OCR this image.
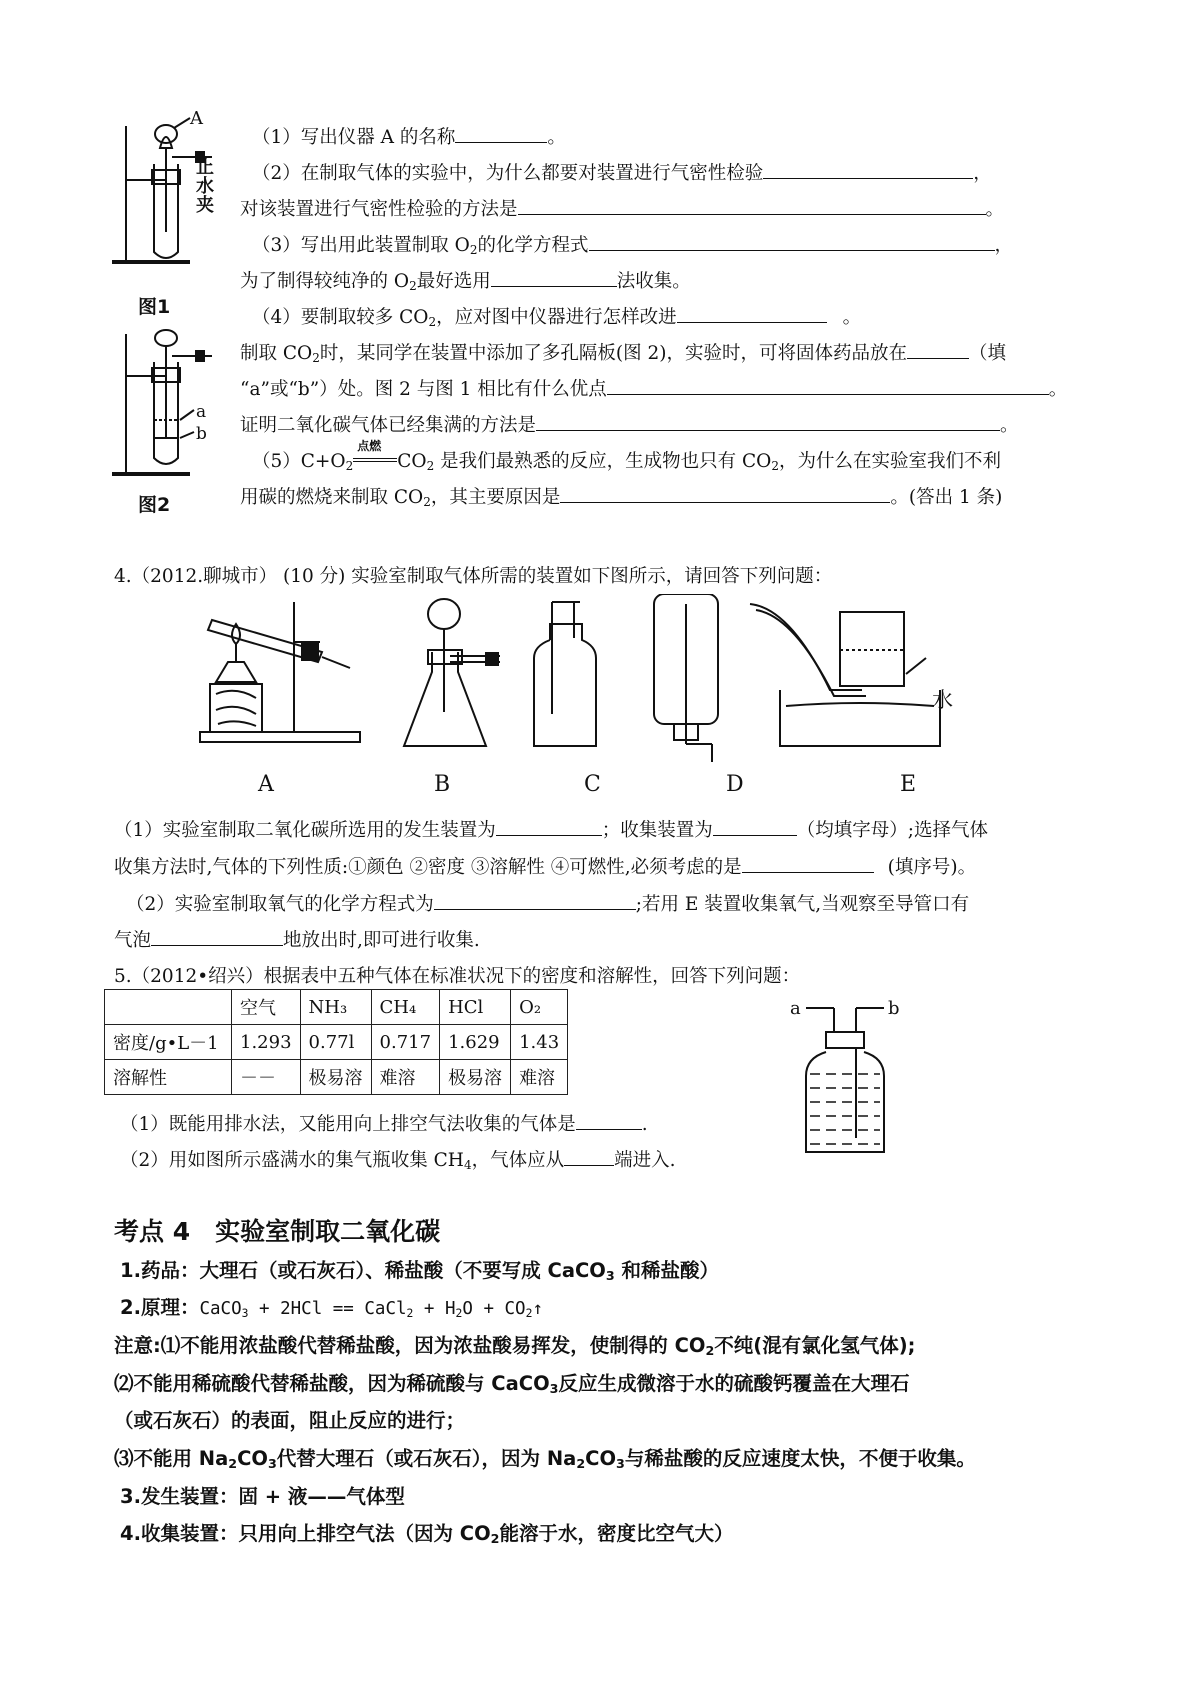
A
止水夹
图1
a
b
图2
（1）写出仪器 A 的名称	。
（2）在制取气体的实验中，为什么都要对装置进行气密性检验	，
对该装置进行气密性检验的方法是	。
（3）写出用此装置制取 $O_2$的化学方程式	，
为了制得较纯净的 $O_2$最好选用	法收集。
（4）要制取较多 $CO_2$，应对图中仪器进行怎样改进	。
制取 $CO_2$时，某同学在装置中添加了多孔隔板(图 2)，实验时，可将固体药品放在	（填
“a”或“b”）处。图 2 与图 1 相比有什么优点	。
证明二氧化碳气体已经集满的方法是	。
$(5)C+O_2$
点燃
$CO_2$ 是我们最熟悉的反应，生成物也只有 $CO_2$，为什么在实验室我们不利
用碳的燃烧来制取 $CO_2$，其主要原因是	。(答出 1 条)
4.（2012.聊城市） (10 分) 实验室制取气体所需的装置如下图所示，请回答下列问题：
A	B	C	D	E
水
（1）实验室制取二氧化碳所选用的发生装置为	；收集装置为	（均填字母）;选择气体
收集方法时,气体的下列性质:①颜色 ②密度 ③溶解性 ④可燃性,必须考虑的是	(填序号)。
（2）实验室制取氧气的化学方程式为	;若用 E 装置收集氧气,当观察至导管口有
气泡	地放出时,即可进行收集.
5.（2012•绍兴）根据表中五种气体在标准状况下的密度和溶解性，回答下列问题：
	空气	NH₃	CH₄	HCl	O₂
密度/g•L－1	1.293	0.77l	0.717	1.629	1.43
溶解性	－－	极易溶	难溶	极易溶	难溶
a	b
（1）既能用排水法，又能用向上排空气法收集的气体是	.
（2）用如图所示盛满水的集气瓶收集 $CH_4$，气体应从	端进入.
考点 4　实验室制取二氧化碳
1.药品：大理石（或石灰石）、稀盐酸（不要写成 CaCO$_3$ 和稀盐酸）
2.原理：CaCO$_3$ + 2HCl == CaCl$_2$ + $H_2O$ + $CO_2↑$
注意:⑴不能用浓盐酸代替稀盐酸，因为浓盐酸易挥发，使制得的 $CO_2$不纯(混有氯化氢气体);
⑵不能用稀硫酸代替稀盐酸，因为稀硫酸与 CaCO$_3$反应生成微溶于水的硫酸钙覆盖在大理石
（或石灰石）的表面，阻止反应的进行；
⑶不能用 $Na_2CO_3$代替大理石（或石灰石），因为 $Na_2CO_3$与稀盐酸的反应速度太快，不便于收集。
3.发生装置：固 + 液——气体型
4.收集装置：只用向上排空气法（因为 $CO_2$能溶于水，密度比空气大）
